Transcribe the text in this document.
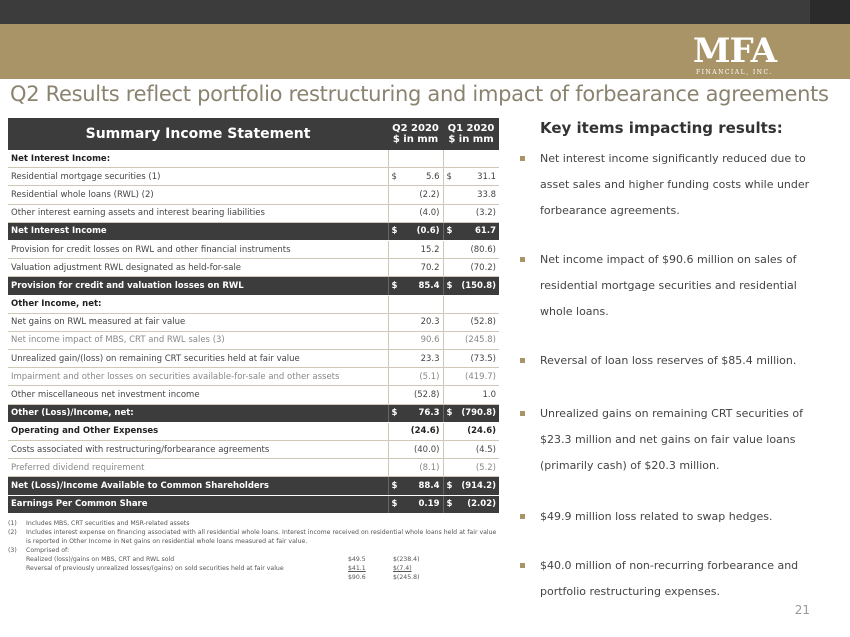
MFA
FINANCIAL, INC.
Q2 Results reflect portfolio restructuring and impact of forbearance agreements
Summary Income Statement	Q2 2020 $ in mm	Q1 2020 $ in mm
Net Interest Income:	

Residential mortgage securities (1)	$ 5.6	$ 31.1
Residential whole loans (RWL) (2)	(2.2)	33.8
Other interest earning assets and interest bearing liabilities	(4.0)	(3.2)
Net Interest Income	$ (0.6)	$ 61.7
Provision for credit losses on RWL and other financial instruments	15.2	(80.6)
Valuation adjustment RWL designated as held-for-sale	70.2	(70.2)
Provision for credit and valuation losses on RWL	$ 85.4	$ (150.8)
Other Income, net:	

Net gains on RWL measured at fair value	20.3	(52.8)
Net income impact of MBS, CRT and RWL sales (3)	90.6	(245.8)
Unrealized gain/(loss) on remaining CRT securities held at fair value	23.3	(73.5)
Impairment and other losses on securities available-for-sale and other assets	(5.1)	(419.7)
Other miscellaneous net investment income	(52.8)	1.0
Other (Loss)/Income, net:	$ 76.3	$ (790.8)
Operating and Other Expenses	(24.6)	(24.6)
Costs associated with restructuring/forbearance agreements	(40.0)	(4.5)
Preferred dividend requirement	(8.1)	(5.2)
Net (Loss)/Income Available to Common Shareholders	$ 88.4	$ (914.2)
Earnings Per Common Share	$ 0.19	$ (2.02)
(1) Includes MBS, CRT securities and MSR-related assets
(2) Includes interest expense on financing associated with all residential whole loans. Interest income received on residential whole loans held at fair value is reported in Other Income in Net gains on residential whole loans measured at fair value.
(3) Comprised of:
Realized (loss)/gains on MBS, CRT and RWL sold	$49.5	$(238.4)
Reversal of previously unrealized losses/(gains) on sold securities held at fair value	$41.1	$(7.4)
$90.6	$(245.8)
Key items impacting results:
Net interest income significantly reduced due to asset sales and higher funding costs while under forbearance agreements.
Net income impact of $90.6 million on sales of residential mortgage securities and residential whole loans.
Reversal of loan loss reserves of $85.4 million.
Unrealized gains on remaining CRT securities of $23.3 million and net gains on fair value loans (primarily cash) of $20.3 million.
$49.9 million loss related to swap hedges.
$40.0 million of non-recurring forbearance and portfolio restructuring expenses.
21
